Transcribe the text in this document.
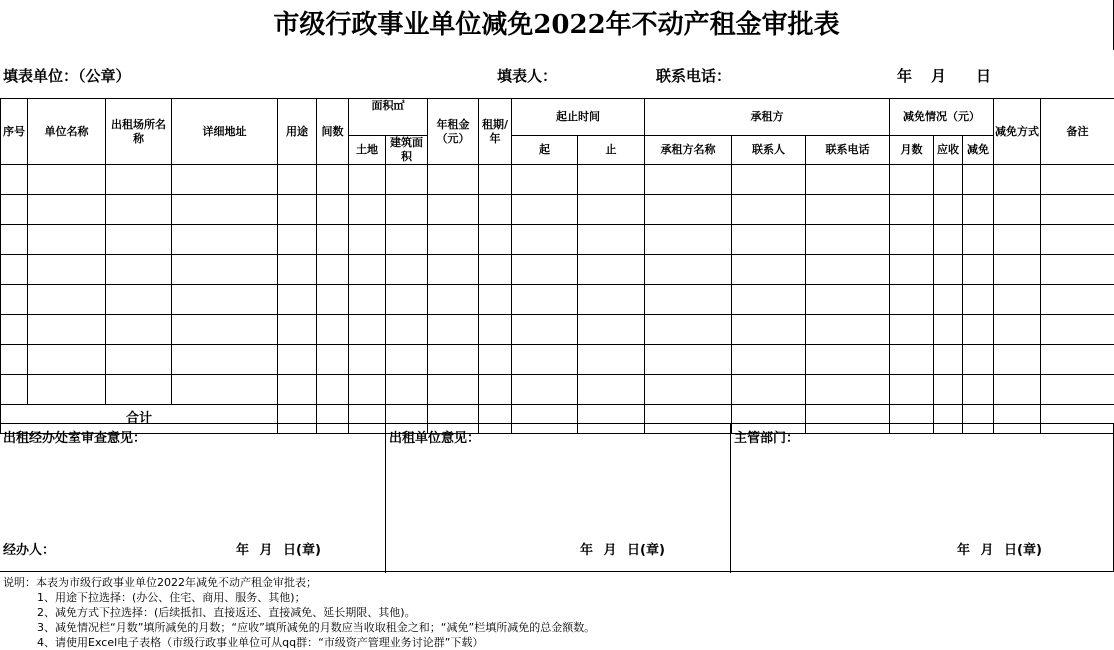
市级行政事业单位减免2022年不动产租金审批表
填表单位：（公章）	填表人：	联系电话：	年 月 日
序号	单位名称	出租场所名称	详细地址	用途	间数	面积㎡		年租金（元）	租期/年	起止时间		承租方			减免情况（元）			减免方式	备注
						土地	建筑面积			起	止	承租方名称	联系人	联系电话	月数	应收	减免		

合计																			
出租经办处室审查意见：
经办人：	年 月 日(章)
出租单位意见：
年 月 日(章)
主管部门：
年 月 日(章)
说明：本表为市级行政事业单位2022年减免不动产租金审批表；
1、用途下拉选择：(办公、住宅、商用、服务、其他)；
2、减免方式下拉选择：(后续抵扣、直接返还、直接减免、延长期限、其他)。
3、减免情况栏“月数”填所减免的月数；“应收”填所减免的月数应当收取租金之和；“减免”栏填所减免的总金额数。
4、请使用Excel电子表格（市级行政事业单位可从qq群：“市级资产管理业务讨论群”下载）
